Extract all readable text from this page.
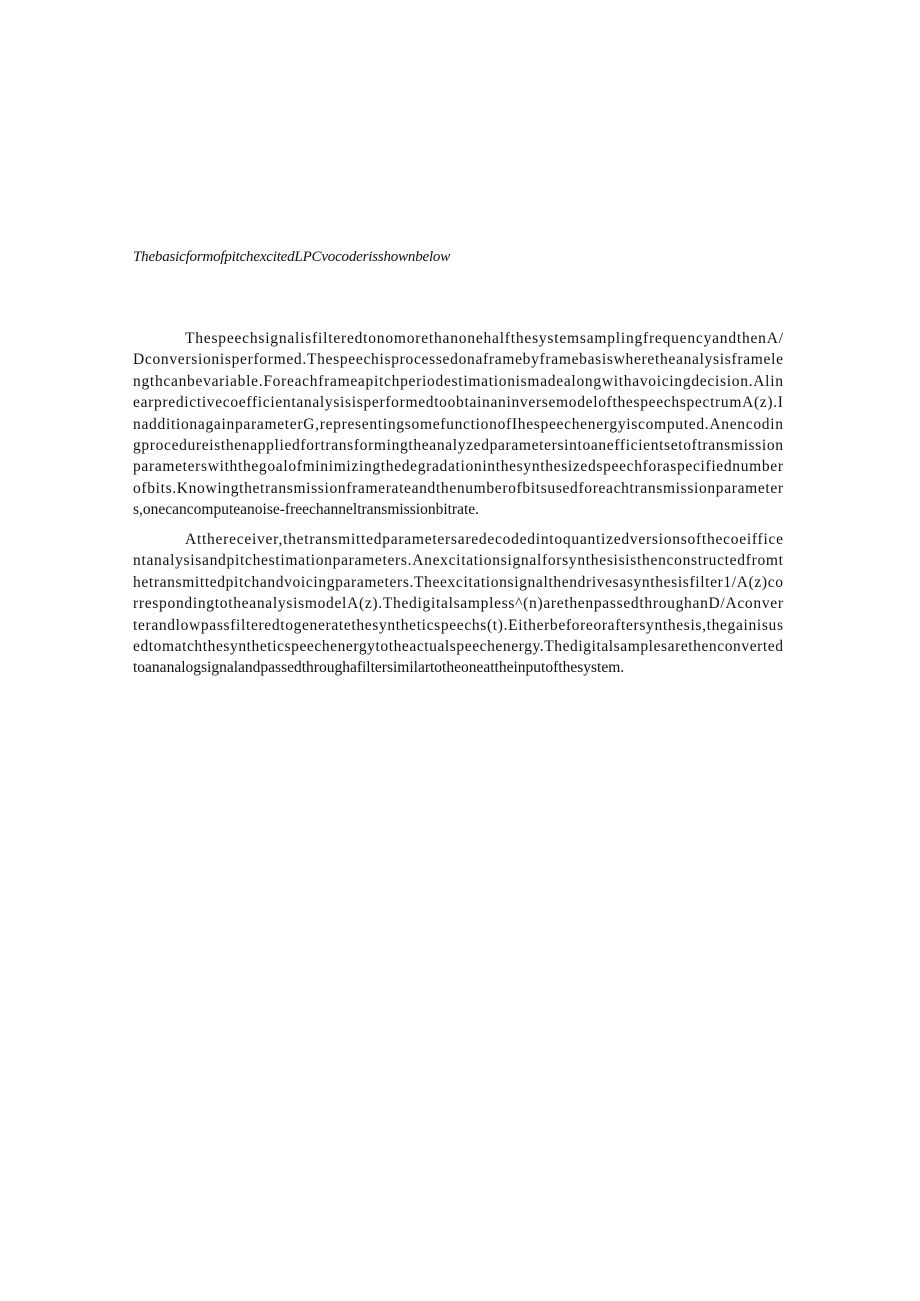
ThebasicformofpitchexcitedLPCvocoderisshownbelow
ThespeechsignalisfilteredtonomorethanonehalfthesystemsamplingfrequencyandthenA/
Dconversionisperformed.Thespeechisprocessedonaframebyframebasiswheretheanalysisframele
ngthcanbevariable.Foreachframeapitchperiodestimationismadealongwithavoicingdecision.Alin
earpredictivecoefficientanalysisisperformedtoobtainaninversemodelofthespeechspectrumA(z).I
nadditionagainparameterG,representingsomefunctionofIhespeechenergyiscomputed.Anencodin
gprocedureisthenappliedfortransformingtheanalyzedparametersintoanefficientsetoftransmission
parameterswiththegoalofminimizingthedegradationinthesynthesizedspeechforaspecifiednumber
ofbits.Knowingthetransmissionframerateandthenumberofbitsusedforeachtransmissionparameter
s,onecancomputeanoise-freechanneltransmissionbitrate.
Atthereceiver,thetransmittedparametersaredecodedintoquantizedversionsofthecoeiffice
ntanalysisandpitchestimationparameters.Anexcitationsignalforsynthesisisthenconstructedfromt
hetransmittedpitchandvoicingparameters.Theexcitationsignalthendrivesasynthesisfilter1/A(z)co
rrespondingtotheanalysismodelA(z).Thedigitalsampless^(n)arethenpassedthroughanD/Aconver
terandlowpassfilteredtogeneratethesyntheticspeechs(t).Eitherbeforeoraftersynthesis,thegainisus
edtomatchthesyntheticspeechenergytotheactualspeechenergy.Thedigitalsamplesarethenconverted
toananalogsignalandpassedthroughafiltersimilartotheoneattheinputofthesystem.
